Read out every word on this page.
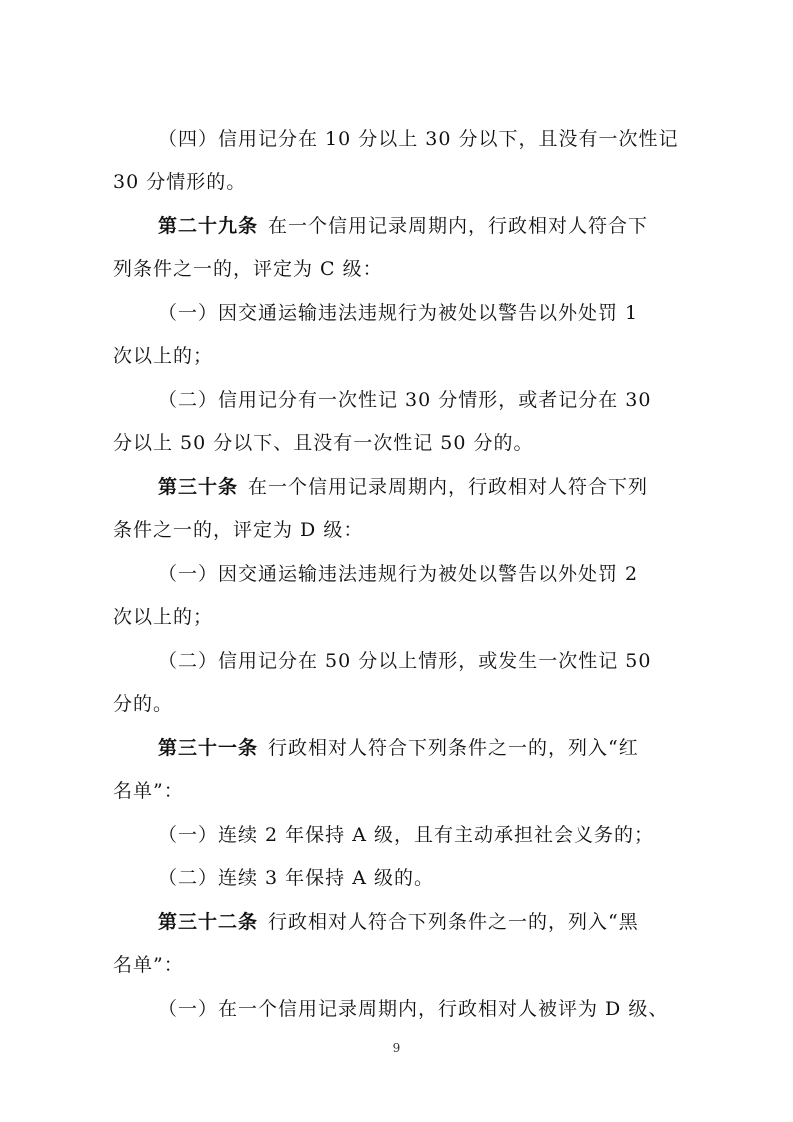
（四）信用记分在 10 分以上 30 分以下，且没有一次性记
30 分情形的。
第二十九条 在一个信用记录周期内，行政相对人符合下
列条件之一的，评定为 C 级：
（一）因交通运输违法违规行为被处以警告以外处罚 1
次以上的；
（二）信用记分有一次性记 30 分情形，或者记分在 30
分以上 50 分以下、且没有一次性记 50 分的。
第三十条 在一个信用记录周期内，行政相对人符合下列
条件之一的，评定为 D 级：
（一）因交通运输违法违规行为被处以警告以外处罚 2
次以上的；
（二）信用记分在 50 分以上情形，或发生一次性记 50
分的。
第三十一条 行政相对人符合下列条件之一的，列入“红
名单”：
（一）连续 2 年保持 A 级，且有主动承担社会义务的；
（二）连续 3 年保持 A 级的。
第三十二条 行政相对人符合下列条件之一的，列入“黑
名单”：
（一）在一个信用记录周期内，行政相对人被评为 D 级、
9
